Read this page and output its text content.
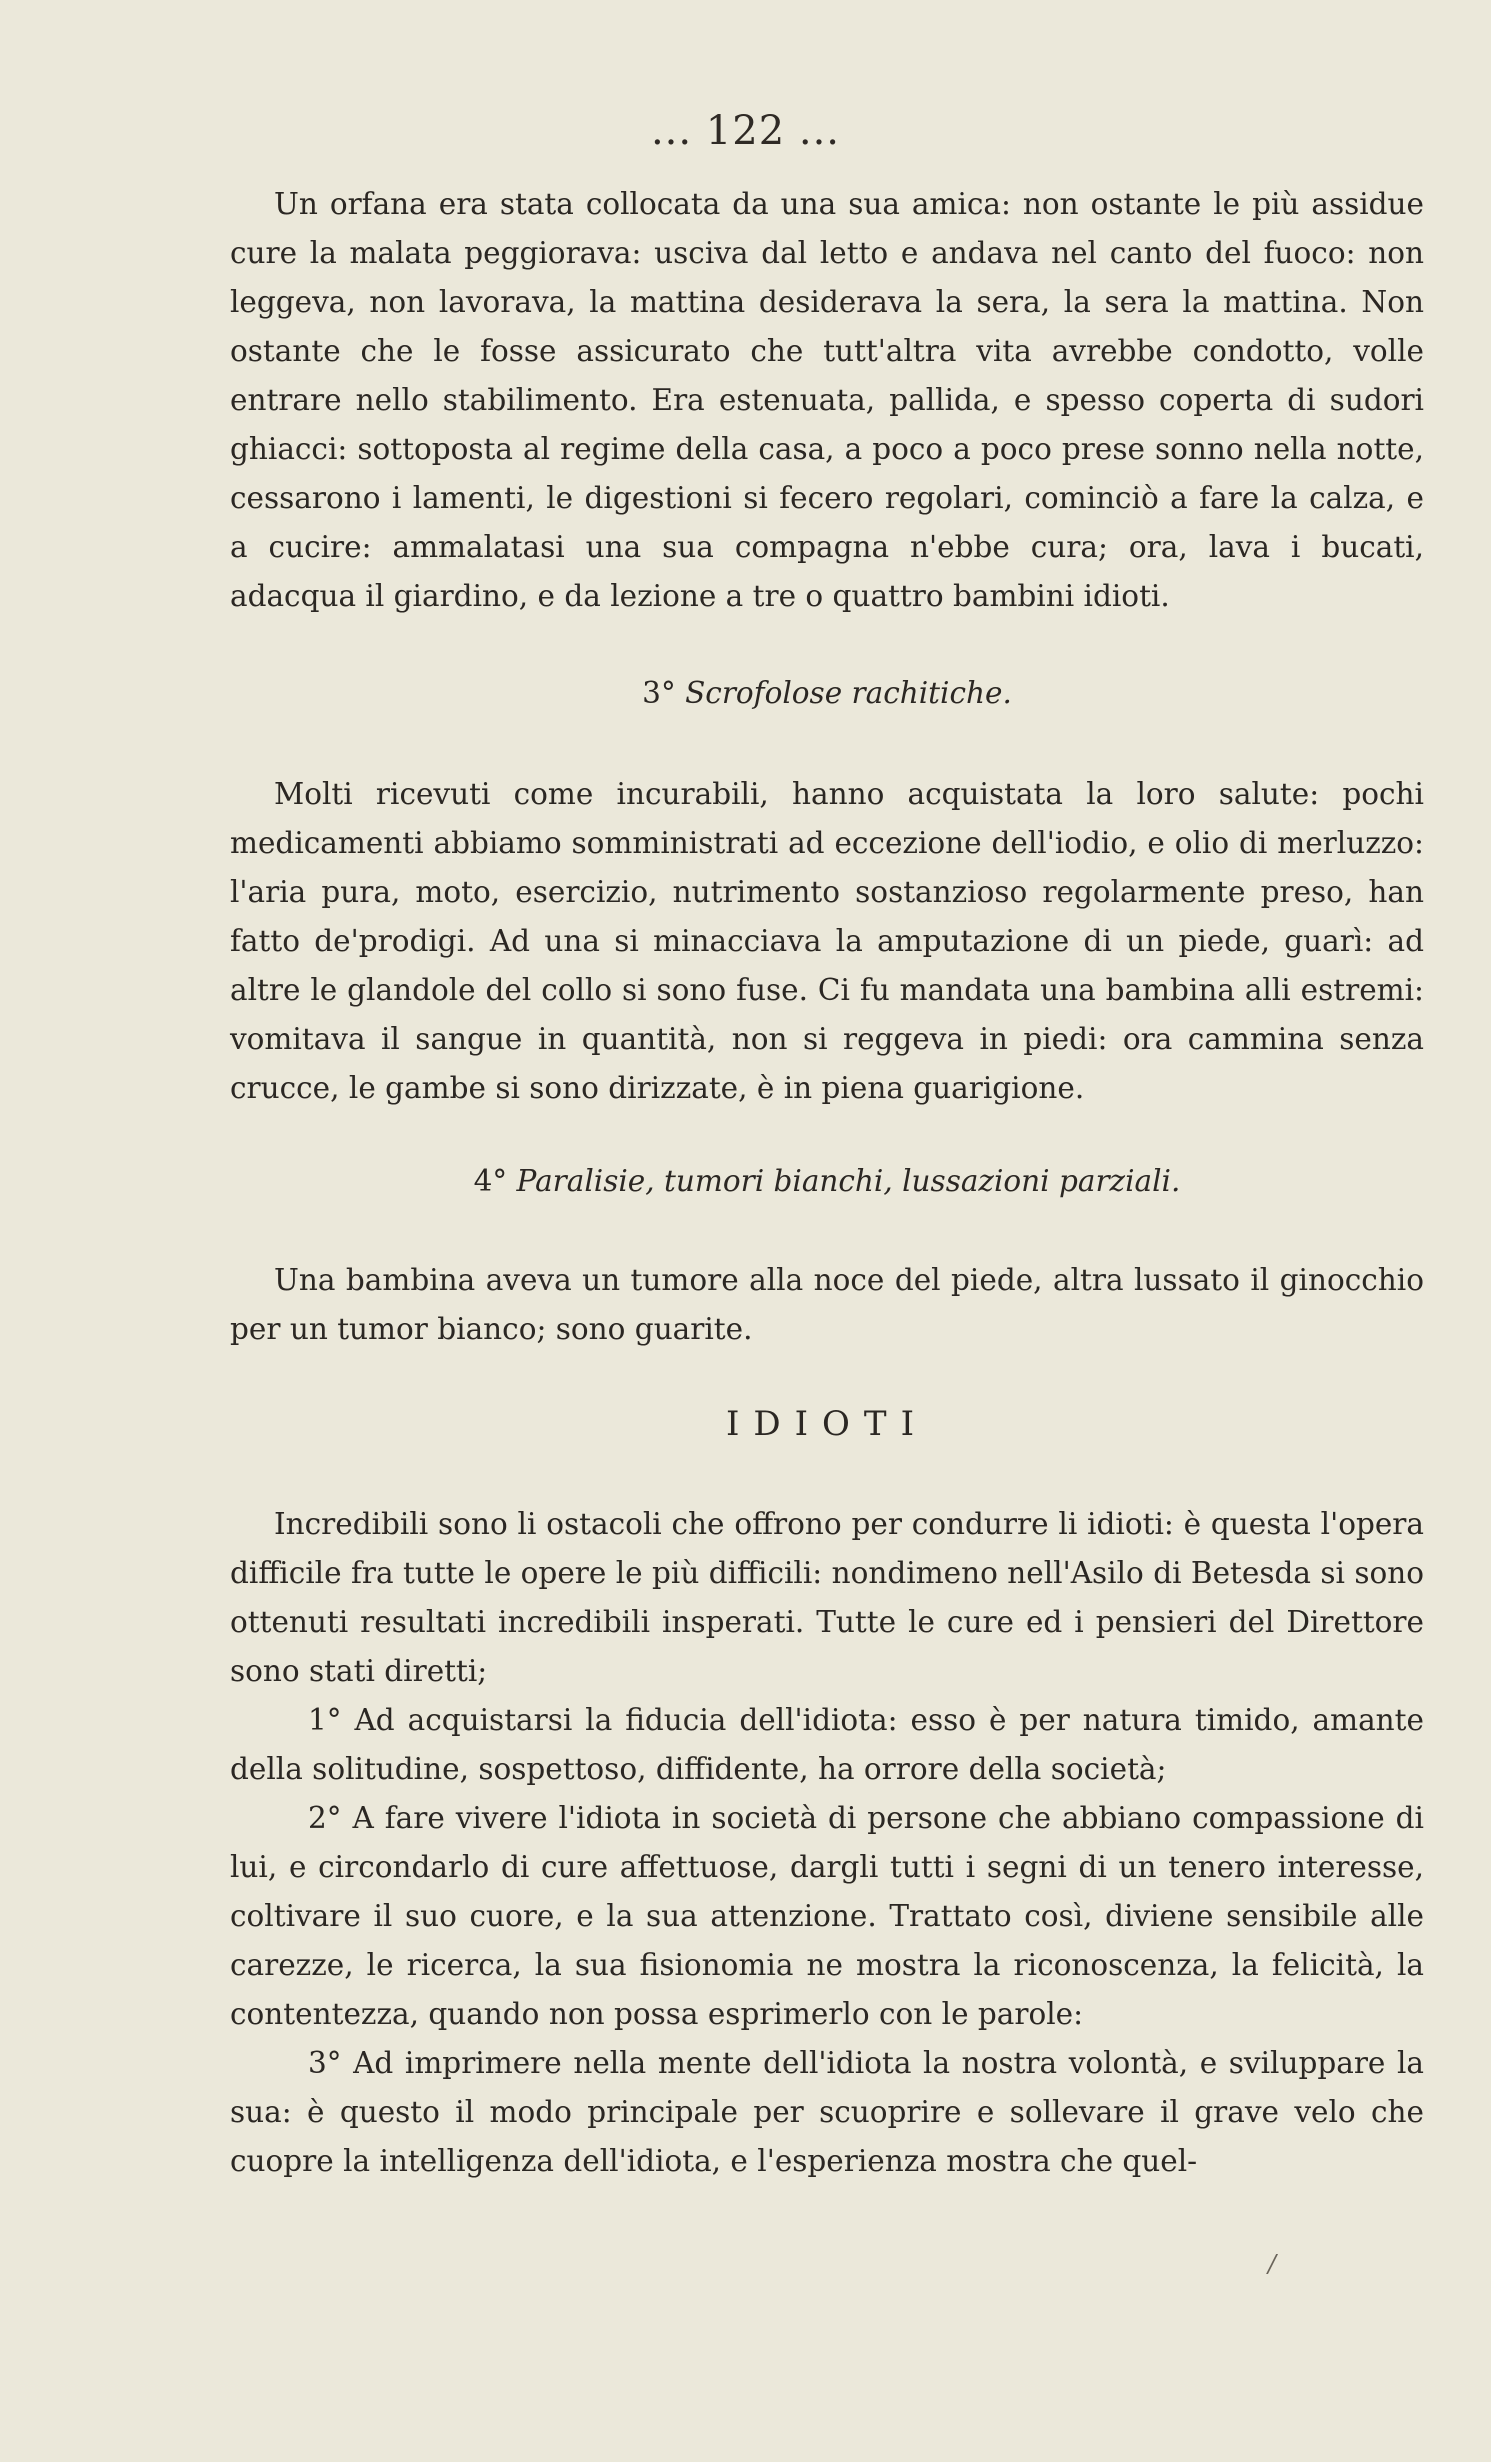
... 122 ...

Un orfana era stata collocata da una sua amica: non ostante le più assidue cure la malata peggiorava: usciva dal letto e andava nel canto del fuoco: non leggeva, non lavorava, la mattina desiderava la sera, la sera la mattina. Non ostante che le fosse assicurato che tutt'altra vita avrebbe condotto, volle entrare nello stabilimento. Era estenuata, pallida, e spesso coperta di sudori ghiacci: sottoposta al regime della casa, a poco a poco prese sonno nella notte, cessarono i lamenti, le digestioni si fecero regolari, cominciò a fare la calza, e a cucire: ammalatasi una sua compagna n'ebbe cura; ora, lava i bucati, adacqua il giardino, e da lezione a tre o quattro bambini idioti.

3° Scrofolose rachitiche.

Molti ricevuti come incurabili, hanno acquistata la loro salute: pochi medicamenti abbiamo somministrati ad eccezione dell'iodio, e olio di merluzzo: l'aria pura, moto, esercizio, nutrimento sostanzioso regolarmente preso, han fatto de'prodigi. Ad una si minacciava la amputazione di un piede, guarì: ad altre le glandole del collo si sono fuse. Ci fu mandata una bambina alli estremi: vomitava il sangue in quantità, non si reggeva in piedi: ora cammina senza crucce, le gambe si sono dirizzate, è in piena guarigione.

4° Paralisie, tumori bianchi, lussazioni parziali.

Una bambina aveva un tumore alla noce del piede, altra lussato il ginocchio per un tumor bianco; sono guarite.

IDIOTI

Incredibili sono li ostacoli che offrono per condurre li idioti: è questa l'opera difficile fra tutte le opere le più difficili: nondimeno nell'Asilo di Betesda si sono ottenuti resultati incredibili insperati. Tutte le cure ed i pensieri del Direttore sono stati diretti;

1° Ad acquistarsi la fiducia dell'idiota: esso è per natura timido, amante della solitudine, sospettoso, diffidente, ha orrore della società;

2° A fare vivere l'idiota in società di persone che abbiano compassione di lui, e circondarlo di cure affettuose, dargli tutti i segni di un tenero interesse, coltivare il suo cuore, e la sua attenzione. Trattato così, diviene sensibile alle carezze, le ricerca, la sua fisionomia ne mostra la riconoscenza, la felicità, la contentezza, quando non possa esprimerlo con le parole:

3° Ad imprimere nella mente dell'idiota la nostra volontà, e sviluppare la sua: è questo il modo principale per scuoprire e sollevare il grave velo che cuopre la intelligenza dell'idiota, e l'esperienza mostra che quel-

/
